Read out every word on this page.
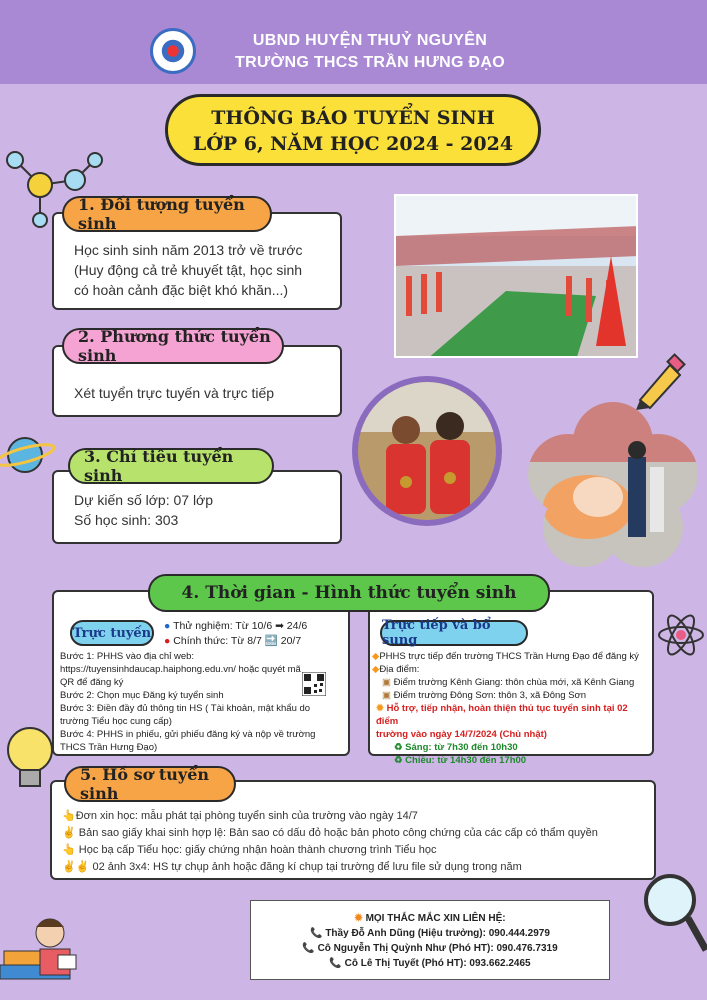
UBND HUYỆN THUỶ NGUYÊN
TRƯỜNG THCS TRẦN HƯNG ĐẠO
THÔNG BÁO TUYỂN SINH
LỚP 6, NĂM HỌC 2024 - 2024
Học sinh sinh năm 2013 trở về trước
(Huy động cả trẻ khuyết tật, học sinh
có hoàn cảnh đặc biệt khó khăn...)
1. Đối tượng tuyển sinh
Xét tuyển trực tuyến và trực tiếp
2. Phương thức tuyển sinh
Dự kiến số lớp: 07 lớp
Số học sinh: 303
3. Chỉ tiêu tuyển sinh
4. Thời gian - Hình thức tuyển sinh
Trực tuyến ● Thử nghiệm: Từ 10/6 ➡ 24/6
● Chính thức: Từ 8/7 🔜 20/7
Bước 1: PHHS vào địa chỉ web:
https://tuyensinhdaucap.haiphong.edu.vn/ hoặc quyét mã
QR để đăng ký
Bước 2: Chọn mục Đăng ký tuyển sinh
Bước 3: Điền đầy đủ thông tin HS ( Tài khoản, mật khẩu do
trường Tiểu học cung cấp)
Bước 4: PHHS in phiếu, gửi phiếu đăng ký và nộp về trường
THCS Trần Hưng Đạo)
Trực tiếp và bổ sung
◆PHHS trực tiếp đến trường THCS Trần Hưng Đạo để đăng ký
◆Địa điểm:
▣ Điểm trường Kênh Giang: thôn chùa mới, xã Kênh Giang
▣ Điểm trường Đông Sơn: thôn 3, xã Đông Sơn
✹ Hỗ trợ, tiếp nhận, hoàn thiện thủ tục tuyển sinh tại 02 điểm
trường vào ngày 14/7/2024 (Chủ nhật)
♻ Sáng: từ 7h30 đến 10h30
♻ Chiều: từ 14h30 đến 17h00
👆Đơn xin học: mẫu phát tại phòng tuyển sinh của trường vào ngày 14/7
✌ Bản sao giấy khai sinh hợp lệ: Bản sao có dấu đỏ hoặc bản photo công chứng của các cấp có thẩm quyền
👆 Học bạ cấp Tiểu học: giấy chứng nhận hoàn thành chương trình Tiểu học
✌✌ 02 ảnh 3x4: HS tự chụp ảnh hoặc đăng kí chụp tại trường để lưu file sử dụng trong năm
5. Hồ sơ tuyển sinh
✹ MỌI THẮC MẮC XIN LIÊN HỆ:
📞 Thầy Đỗ Anh Dũng (Hiệu trưởng): 090.444.2979
📞 Cô Nguyễn Thị Quỳnh Như (Phó HT): 090.476.7319
📞 Cô Lê Thị Tuyết (Phó HT): 093.662.2465
